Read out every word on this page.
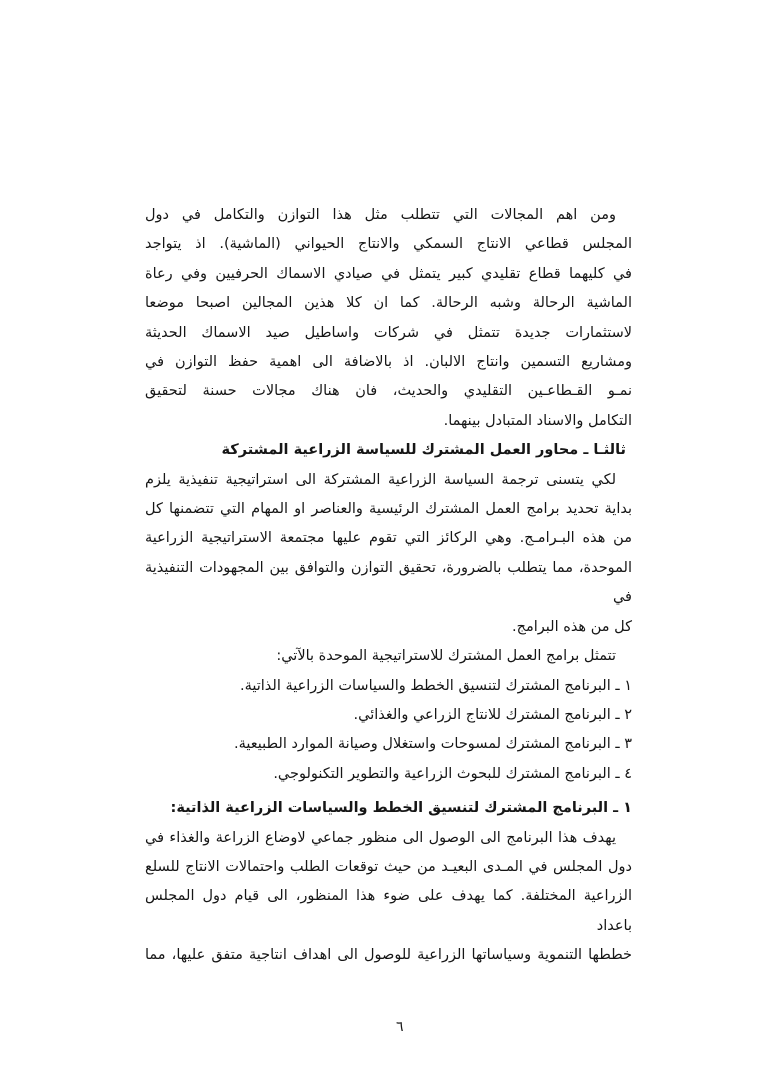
ومن اهم المجالات التي تتطلب مثل هذا التوازن والتكامل في دول
المجلس قطاعي الانتاج السمكي والانتاج الحيواني (الماشية). اذ يتواجد
في كليهما قطاع تقليدي كبير يتمثل في صيادي الاسماك الحرفيين وفي رعاة
الماشية الرحالة وشبه الرحالة. كما ان كلا هذين المجالين اصبحا موضعا
لاستثمارات جديدة تتمثل في شركات واساطيل صيد الاسماك الحديثة
ومشاريع التسمين وانتاج الالبان. اذ بالاضافة الى اهمية حفظ التوازن في
نمـو القـطاعـين التقليدي والحديث، فان هناك مجالات حسنة لتحقيق
التكامل والاسناد المتبادل بينهما.
ثالثـا ـ محاور العمل المشترك للسياسة الزراعية المشتركة
لكي يتسنى ترجمة السياسة الزراعية المشتركة الى استراتيجية تنفيذية يلزم
بداية تحديد برامج العمل المشترك الرئيسية والعناصر او المهام التي تتضمنها كل
من هذه البـرامـج. وهي الركائز التي تقوم عليها مجتمعة الاستراتيجية الزراعية
الموحدة، مما يتطلب بالضرورة، تحقيق التوازن والتوافق بين المجهودات التنفيذية في
كل من هذه البرامج.
تتمثل برامج العمل المشترك للاستراتيجية الموحدة بالآتي:
١ ـ البرنامج المشترك لتنسيق الخطط والسياسات الزراعية الذاتية.
٢ ـ البرنامج المشترك للانتاج الزراعي والغذائي.
٣ ـ البرنامج المشترك لمسوحات واستغلال وصيانة الموارد الطبيعية.
٤ ـ البرنامج المشترك للبحوث الزراعية والتطوير التكنولوجي.
١ ـ البرنامج المشترك لتنسيق الخطط والسياسات الزراعية الذاتية:
يهدف هذا البرنامج الى الوصول الى منظور جماعي لاوضاع الزراعة والغذاء في
دول المجلس في المـدى البعيـد من حيث توقعات الطلب واحتمالات الانتاج للسلع
الزراعية المختلفة. كما يهدف على ضوء هذا المنظور، الى قيام دول المجلس باعداد
خططها التنموية وسياساتها الزراعية للوصول الى اهداف انتاجية متفق عليها، مما
٦
